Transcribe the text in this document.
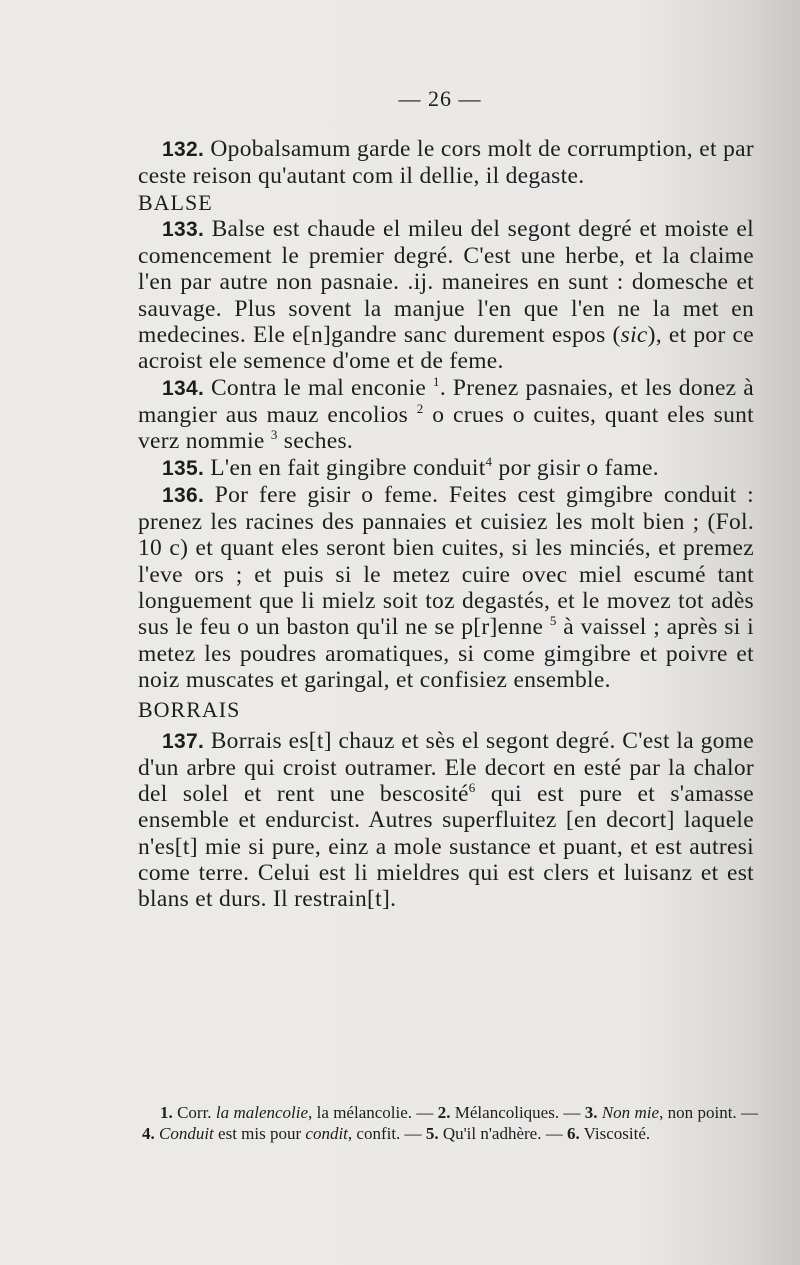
— 26 —

132. Opobalsamum garde le cors molt de corrumption, et par ceste reison qu'autant com il dellie, il degaste.

BALSE

133. Balse est chaude el mileu del segont degré et moiste el comencement le premier degré. C'est une herbe, et la claime l'en par autre non pasnaie. .ij. maneires en sunt : domesche et sauvage. Plus sovent la manjue l'en que l'en ne la met en medecines. Ele e[n]gandre sanc durement espos (sic), et por ce acroist ele semence d'ome et de feme.

134. Contra le mal enconie $^1$. Prenez pasnaies, et les donez à mangier aus mauz encolios $^2$ o crues o cuites, quant eles sunt verz nommie $^3$ seches.

135. L'en en fait gingibre conduit$^4$ por gisir o fame.

136. Por fere gisir o feme. Feites cest gimgibre conduit : prenez les racines des pannaies et cuisiez les molt bien ; (Fol. 10 c) et quant eles seront bien cuites, si les minciés, et premez l'eve ors ; et puis si le metez cuire ovec miel escumé tant longuement que li mielz soit toz degastés, et le movez tot adès sus le feu o un baston qu'il ne se p[r]enne $^5$ à vaissel ; après si i metez les poudres aromatiques, si come gimgibre et poivre et noiz muscates et garingal, et confisiez ensemble.

BORRAIS

137. Borrais es[t] chauz et sès el segont degré. C'est la gome d'un arbre qui croist outramer. Ele decort en esté par la chalor del solel et rent une bescosité$^6$ qui est pure et s'amasse ensemble et endurcist. Autres superfluitez [en decort] laquele n'es[t] mie si pure, einz a mole sustance et puant, et est autresi come terre. Celui est li mieldres qui est clers et luisanz et est blans et durs. Il restrain[t].

1. Corr. la malencolie, la mélancolie. — 2. Mélancoliques. — 3. Non mie, non point. — 4. Conduit est mis pour condit, confit. — 5. Qu'il n'adhère. — 6. Viscosité.
